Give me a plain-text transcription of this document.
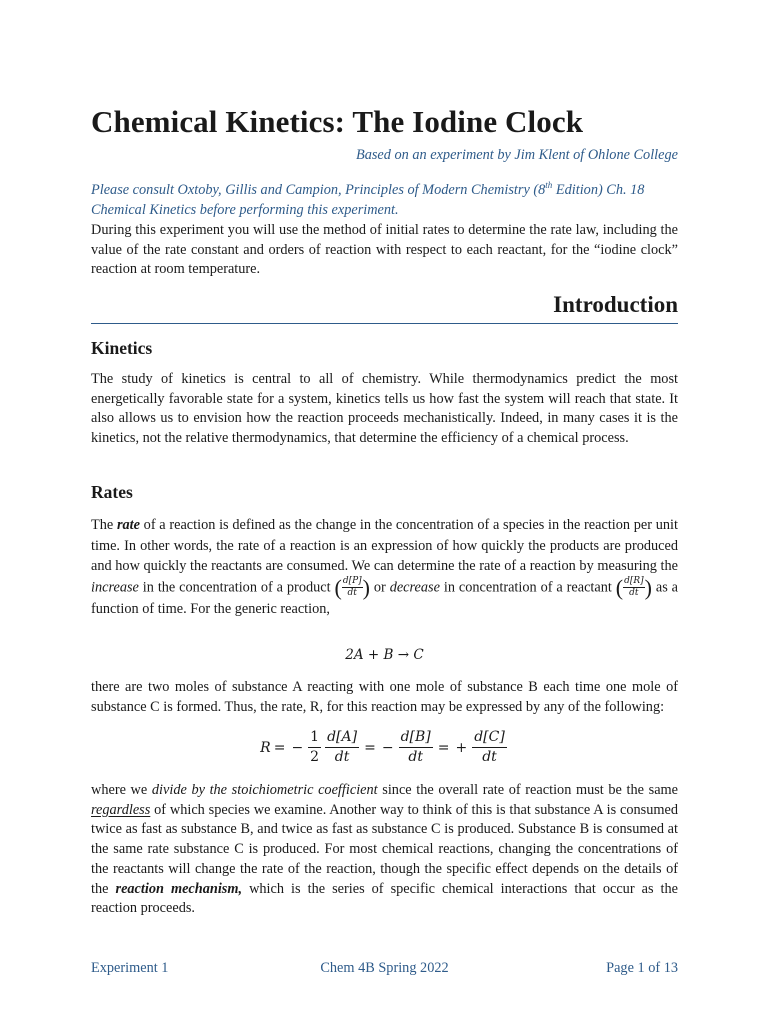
Chemical Kinetics: The Iodine Clock
Based on an experiment by Jim Klent of Ohlone College
Please consult Oxtoby, Gillis and Campion, Principles of Modern Chemistry (8th Edition) Ch. 18 Chemical Kinetics before performing this experiment.

During this experiment you will use the method of initial rates to determine the rate law, including the value of the rate constant and orders of reaction with respect to each reactant, for the “iodine clock” reaction at room temperature.

Introduction
Kinetics

The study of kinetics is central to all of chemistry. While thermodynamics predict the most energetically favorable state for a system, kinetics tells us how fast the system will reach that state. It also allows us to envision how the reaction proceeds mechanistically. Indeed, in many cases it is the kinetics, not the relative thermodynamics, that determine the efficiency of a chemical process.

Rates

The rate of a reaction is defined as the change in the concentration of a species in the reaction per unit time. In other words, the rate of a reaction is an expression of how quickly the products are produced and how quickly the reactants are consumed. We can determine the rate of a reaction by measuring the increase in the concentration of a product ( $\frac{d[P]}{dt}$ ) or decrease in concentration of a reactant ( $\frac{d[R]}{dt}$ ) as a function of time. For the generic reaction,

2A + B → C

there are two moles of substance A reacting with one mole of substance B each time one mole of substance C is formed. Thus, the rate, R, for this reaction may be expressed by any of the following:

R = − $\frac{1}{2} \frac{d[A]}{dt}$ = − $\frac{d[B]}{dt}$ = + $\frac{d[C]}{dt}$

where we divide by the stoichiometric coefficient since the overall rate of reaction must be the same regardless of which species we examine. Another way to think of this is that substance A is consumed twice as fast as substance B, and twice as fast as substance C is produced. Substance B is consumed at the same rate substance C is produced. For most chemical reactions, changing the concentrations of the reactants will change the rate of the reaction, though the specific effect depends on the details of the reaction mechanism, which is the series of specific chemical interactions that occur as the reaction proceeds.

Experiment 1	Chem 4B Spring 2022	Page 1 of 13
